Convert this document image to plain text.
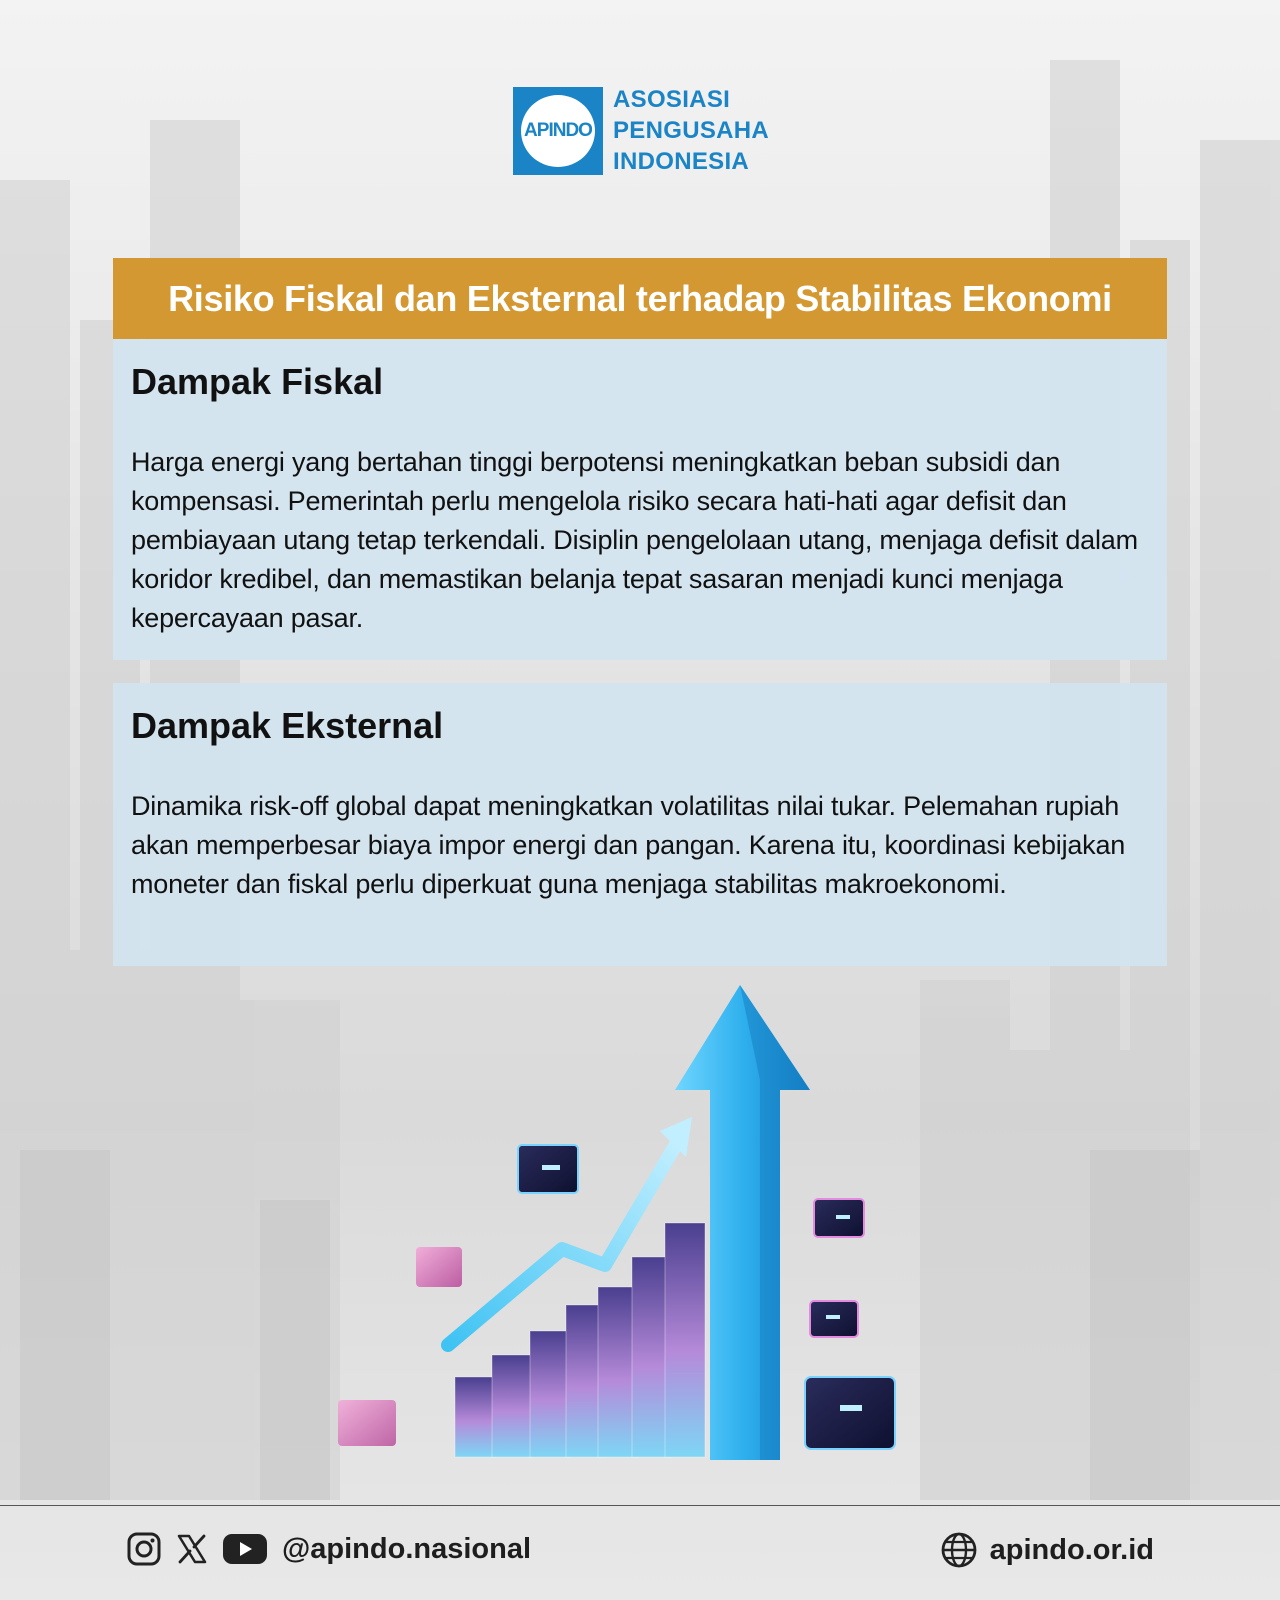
APINDO
ASOSIASI
PENGUSAHA
INDONESIA
Risiko Fiskal dan Eksternal terhadap Stabilitas Ekonomi
Dampak Fiskal

Harga energi yang bertahan tinggi berpotensi meningkatkan beban subsidi dan kompensasi. Pemerintah perlu mengelola risiko secara hati-hati agar defisit dan pembiayaan utang tetap terkendali. Disiplin pengelolaan utang, menjaga defisit dalam koridor kredibel, dan memastikan belanja tepat sasaran menjadi kunci menjaga kepercayaan pasar.

Dampak Eksternal

Dinamika risk-off global dapat meningkatkan volatilitas nilai tukar. Pelemahan rupiah akan memperbesar biaya impor energi dan pangan. Karena itu, koordinasi kebijakan moneter dan fiskal perlu diperkuat guna menjaga stabilitas makroekonomi.

@apindo.nasional	apindo.or.id
